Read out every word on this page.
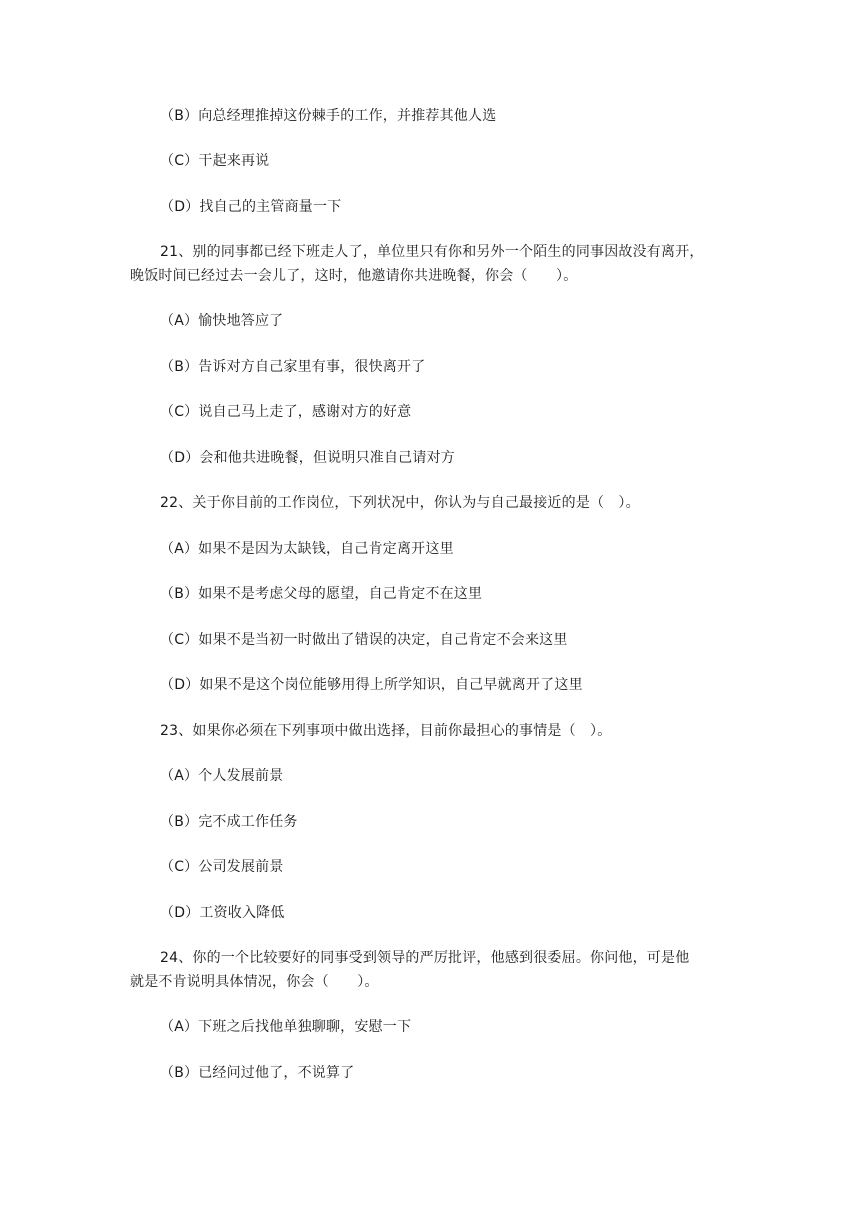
（B）向总经理推掉这份棘手的工作，并推荐其他人选
（C）干起来再说
（D）找自己的主管商量一下
21、别的同事都已经下班走人了，单位里只有你和另外一个陌生的同事因故没有离开，
晚饭时间已经过去一会儿了，这时，他邀请你共进晚餐，你会（　　）。
（A）愉快地答应了
（B）告诉对方自己家里有事，很快离开了
（C）说自己马上走了，感谢对方的好意
（D）会和他共进晚餐，但说明只准自己请对方
22、关于你目前的工作岗位，下列状况中，你认为与自己最接近的是（　）。
（A）如果不是因为太缺钱，自己肯定离开这里
（B）如果不是考虑父母的愿望，自己肯定不在这里
（C）如果不是当初一时做出了错误的决定，自己肯定不会来这里
（D）如果不是这个岗位能够用得上所学知识，自己早就离开了这里
23、如果你必须在下列事项中做出选择，目前你最担心的事情是（　）。
（A）个人发展前景
（B）完不成工作任务
（C）公司发展前景
（D）工资收入降低
24、你的一个比较要好的同事受到领导的严厉批评，他感到很委屈。你问他，可是他
就是不肯说明具体情况，你会（　　）。
（A）下班之后找他单独聊聊，安慰一下
（B）已经问过他了，不说算了
